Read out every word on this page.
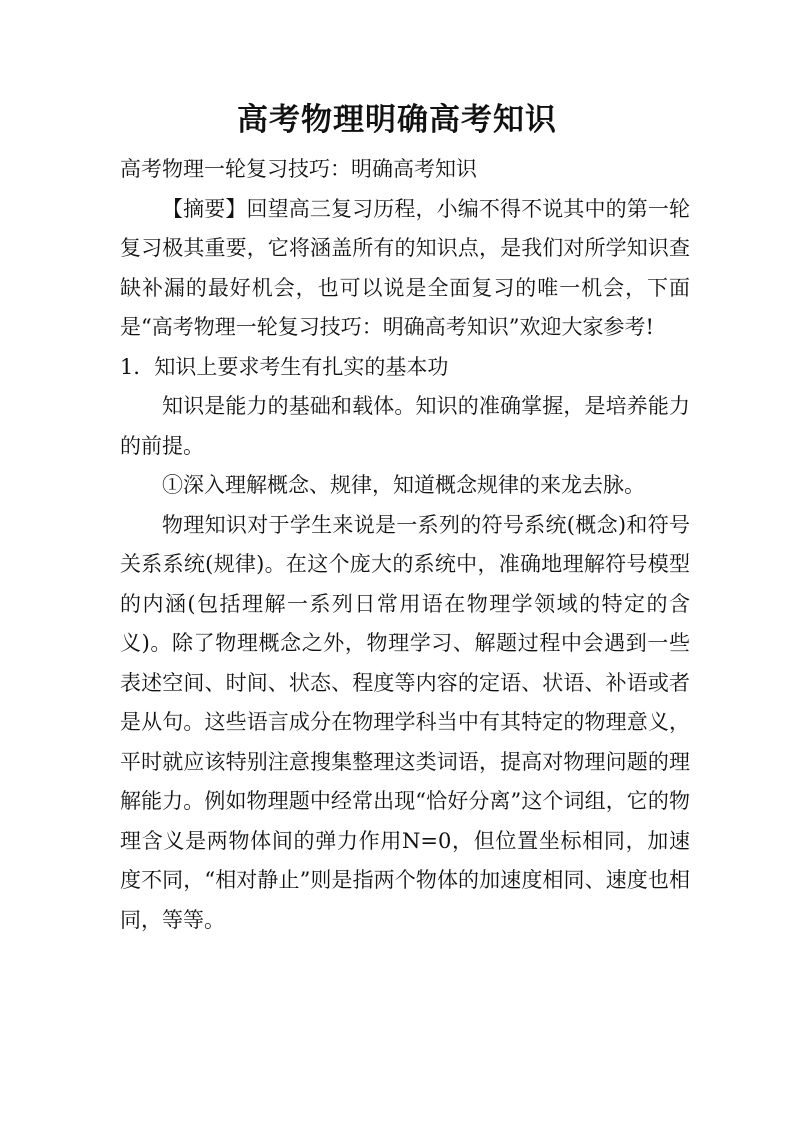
高考物理明确高考知识

高考物理一轮复习技巧：明确高考知识

【摘要】回望高三复习历程，小编不得不说其中的第一轮复习极其重要，它将涵盖所有的知识点，是我们对所学知识查缺补漏的最好机会，也可以说是全面复习的唯一机会，下面是“高考物理一轮复习技巧：明确高考知识”欢迎大家参考!

1．知识上要求考生有扎实的基本功

知识是能力的基础和载体。知识的准确掌握，是培养能力的前提。

①深入理解概念、规律，知道概念规律的来龙去脉。

物理知识对于学生来说是一系列的符号系统(概念)和符号关系系统(规律)。在这个庞大的系统中，准确地理解符号模型的内涵(包括理解一系列日常用语在物理学领域的特定的含义)。除了物理概念之外，物理学习、解题过程中会遇到一些表述空间、时间、状态、程度等内容的定语、状语、补语或者是从句。这些语言成分在物理学科当中有其特定的物理意义，平时就应该特别注意搜集整理这类词语，提高对物理问题的理解能力。例如物理题中经常出现“恰好分离”这个词组，它的物理含义是两物体间的弹力作用N=0，但位置坐标相同，加速度不同，“相对静止”则是指两个物体的加速度相同、速度也相同，等等。
